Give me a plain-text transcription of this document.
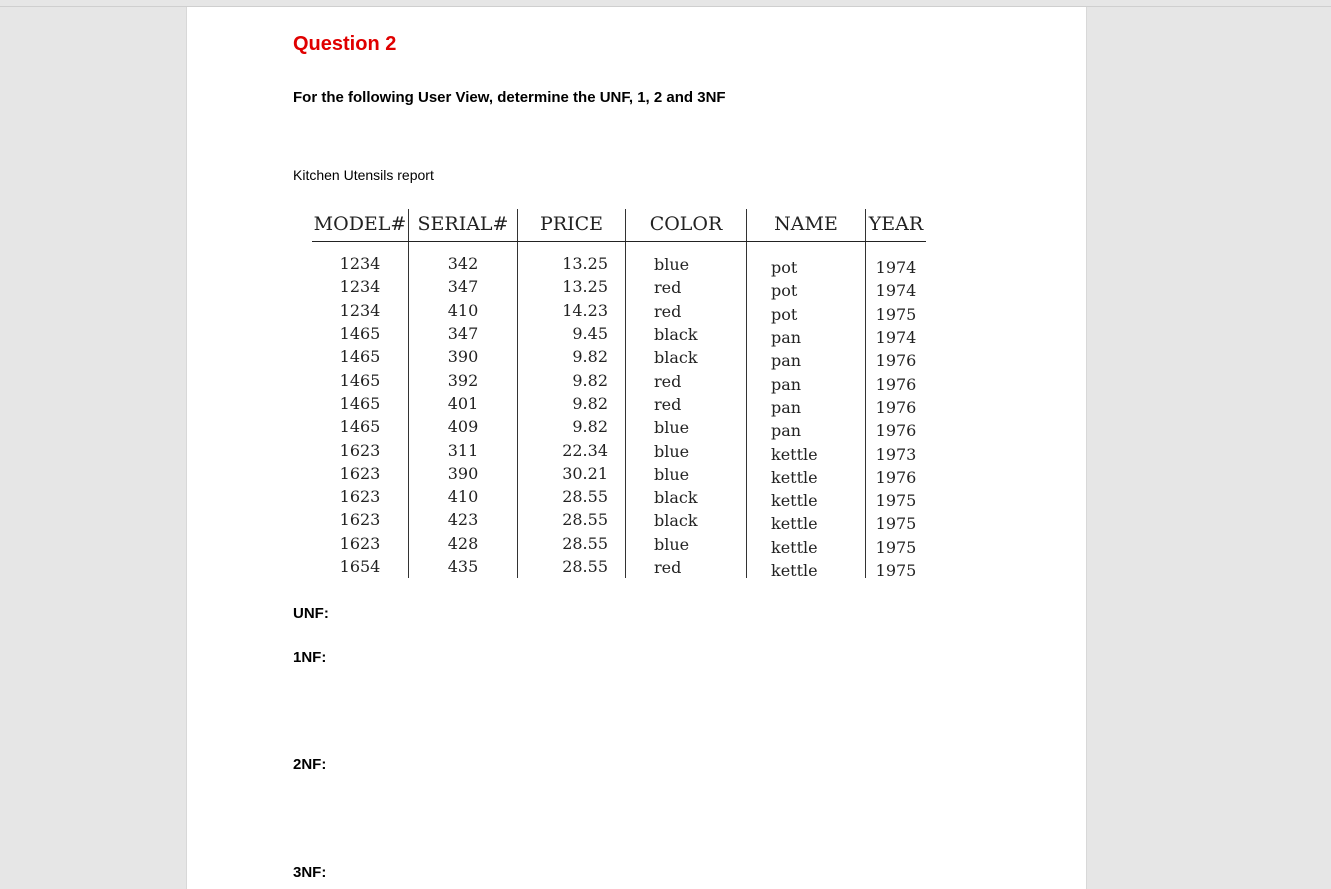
Question 2
For the following User View, determine the UNF, 1, 2 and 3NF
Kitchen Utensils report
MODEL#	SERIAL#	PRICE	COLOR	NAME	YEAR
1234	342	13.25	blue	pot	1974
1234	347	13.25	red	pot	1974
1234	410	14.23	red	pot	1975
1465	347	9.45	black	pan	1974
1465	390	9.82	black	pan	1976
1465	392	9.82	red	pan	1976
1465	401	9.82	red	pan	1976
1465	409	9.82	blue	pan	1976
1623	311	22.34	blue	kettle	1973
1623	390	30.21	blue	kettle	1976
1623	410	28.55	black	kettle	1975
1623	423	28.55	black	kettle	1975
1623	428	28.55	blue	kettle	1975
1654	435	28.55	red	kettle	1975
UNF:
1NF:
2NF:
3NF:
